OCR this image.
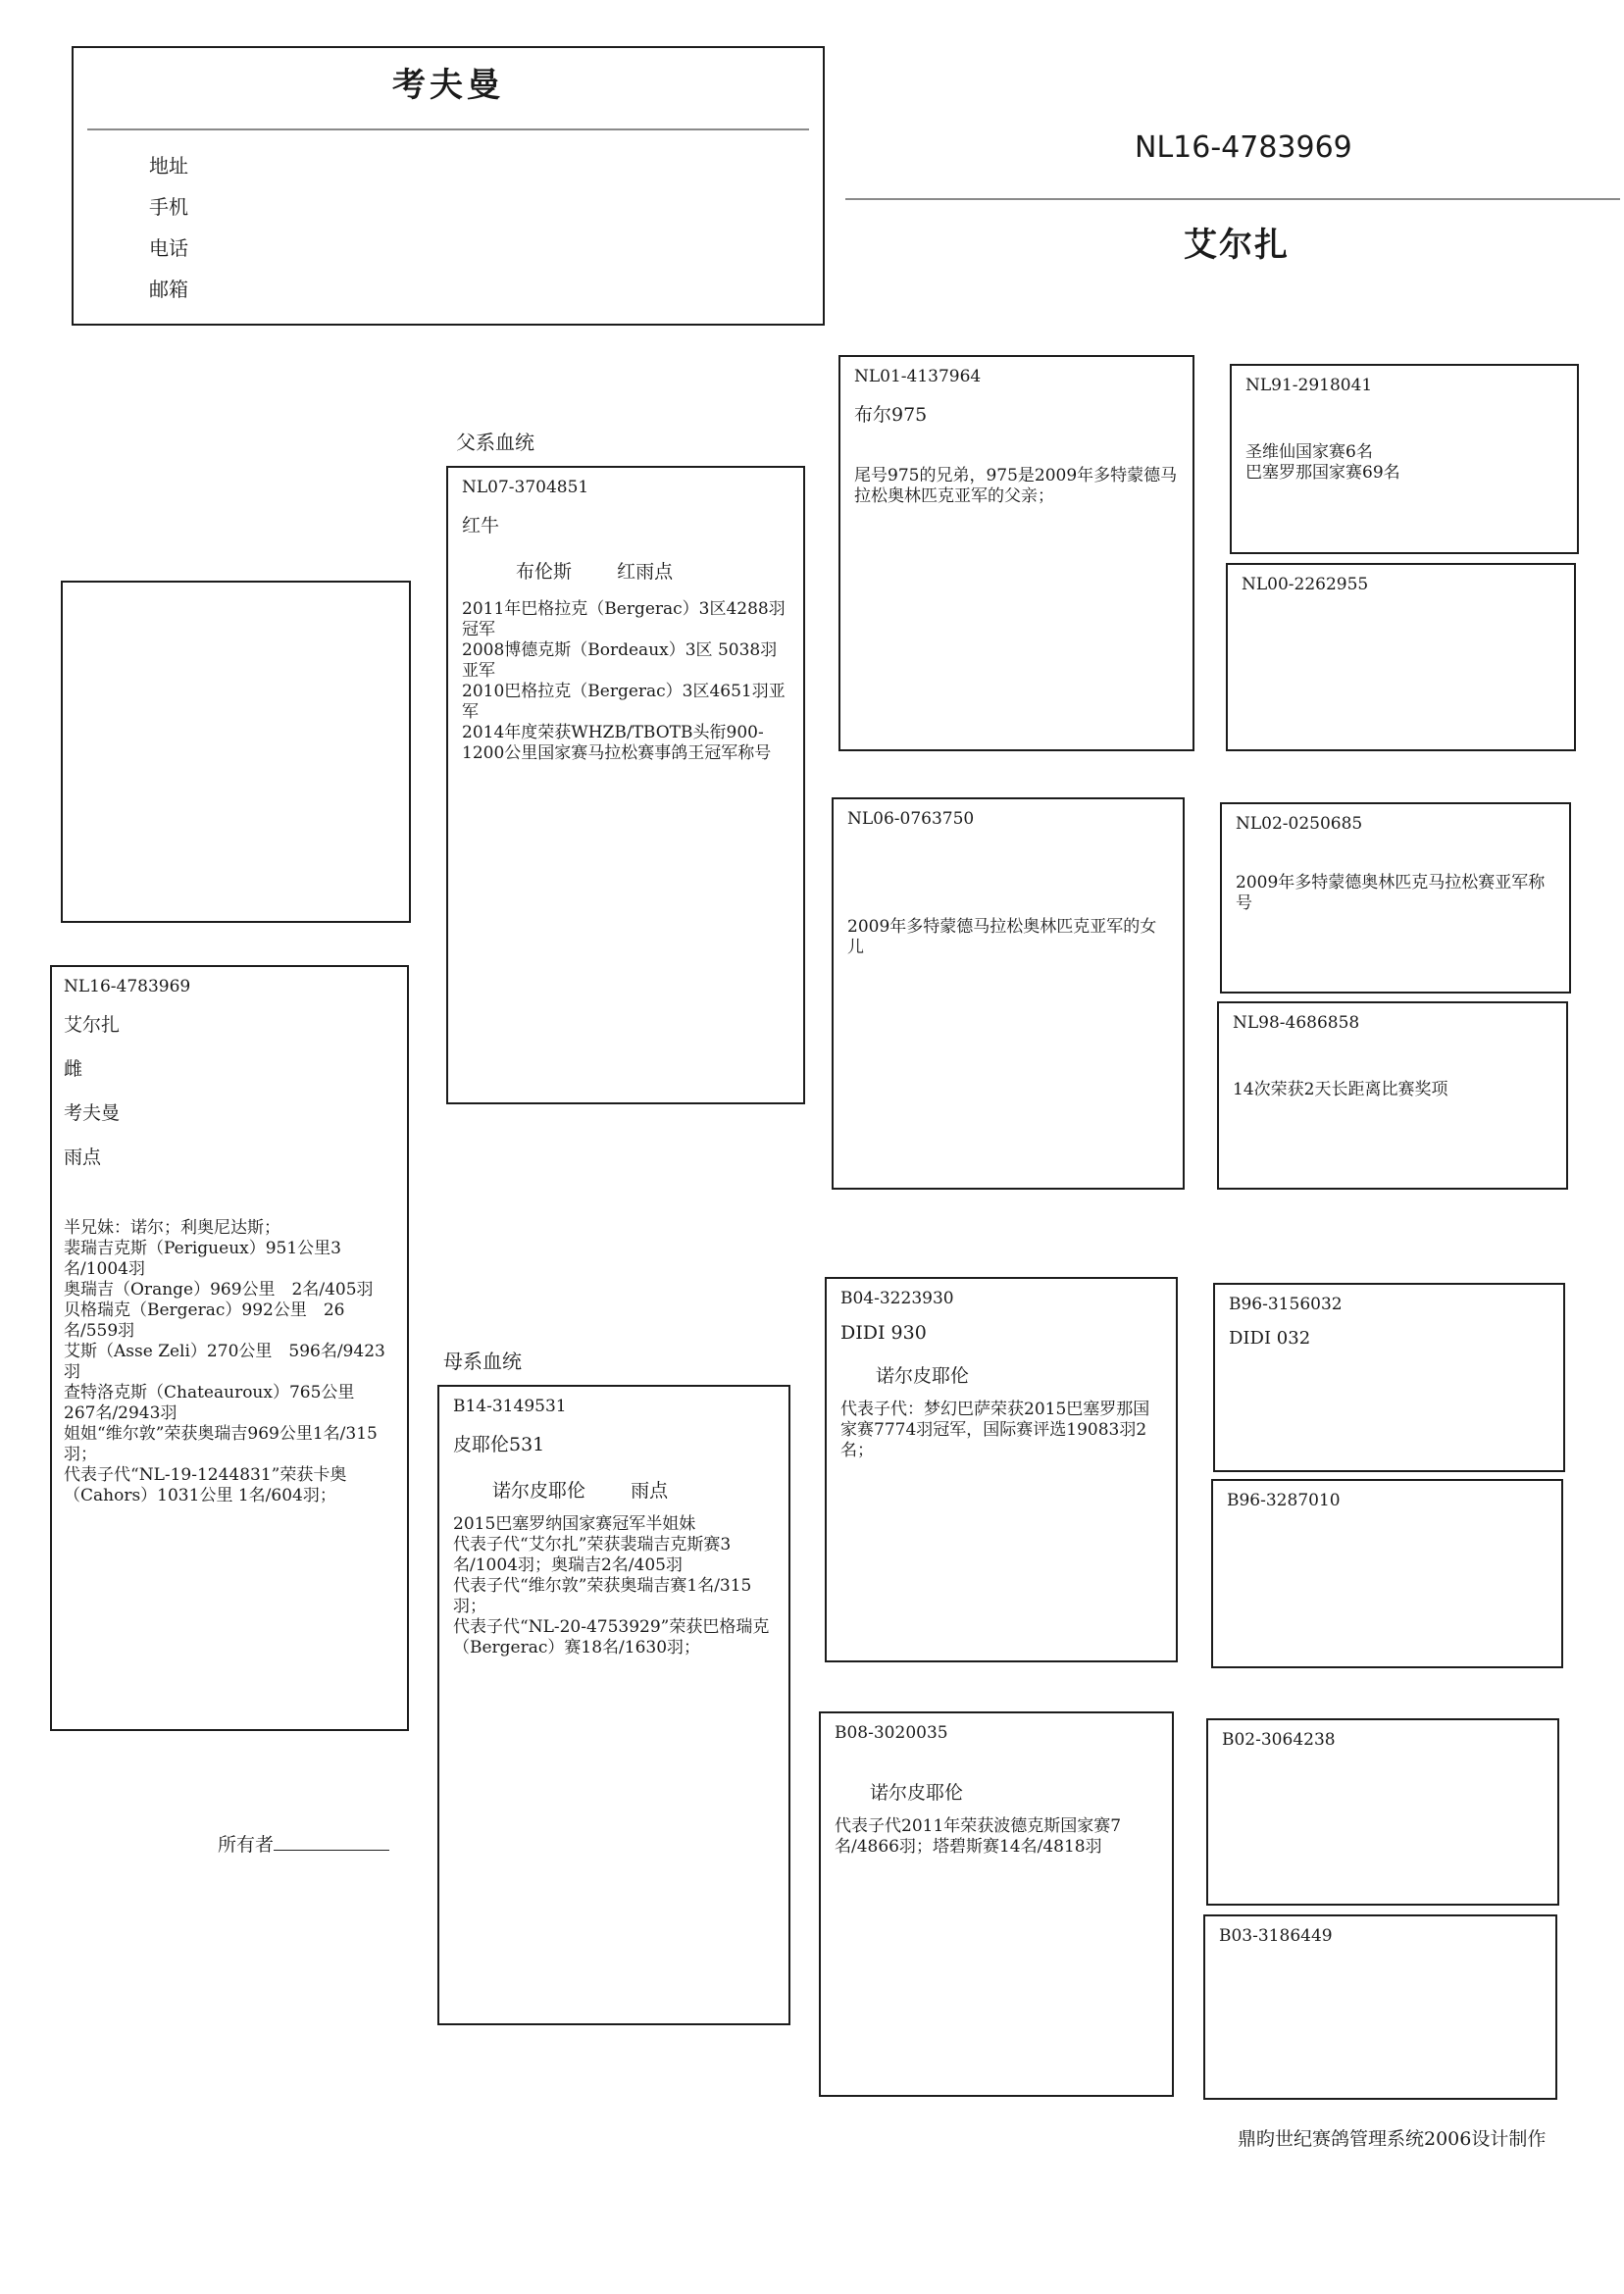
考夫曼
地址
手机
电话
邮箱
NL16-4783969
艾尔扎
NL16-4783969
艾尔扎
雌
考夫曼
雨点
半兄妹：诺尔；利奥尼达斯；
裴瑞吉克斯（Perigueux）951公里3名/1004羽
奥瑞吉（Orange）969公里　2名/405羽
贝格瑞克（Bergerac）992公里　26名/559羽
艾斯（Asse Zeli）270公里　596名/9423羽
查特洛克斯（Chateauroux）765公里　267名/2943羽
姐姐“维尔敦”荣获奥瑞吉969公里1名/315羽；
代表子代“NL-19-1244831”荣获卡奥（Cahors）1031公里 1名/604羽；
所有者
父系血统
NL07-3704851
红牛
布伦斯 红雨点
2011年巴格拉克（Bergerac）3区4288羽冠军
2008博德克斯（Bordeaux）3区 5038羽 亚军
2010巴格拉克（Bergerac）3区4651羽亚军
2014年度荣获WHZB/TBOTB头衔900-1200公里国家赛马拉松赛事鸽王冠军称号
母系血统
B14-3149531
皮耶伦531
诺尔皮耶伦 雨点
2015巴塞罗纳国家赛冠军半姐妹
代表子代“艾尔扎”荣获裴瑞吉克斯赛3名/1004羽；奥瑞吉2名/405羽
代表子代“维尔敦”荣获奥瑞吉赛1名/315羽；
代表子代“NL-20-4753929”荣获巴格瑞克（Bergerac）赛18名/1630羽；
NL01-4137964
布尔975
尾号975的兄弟，975是2009年多特蒙德马拉松奥林匹克亚军的父亲；
NL06-0763750
2009年多特蒙德马拉松奥林匹克亚军的女儿
B04-3223930
DIDI 930
诺尔皮耶伦
代表子代：梦幻巴萨荣获2015巴塞罗那国家赛7774羽冠军，国际赛评选19083羽2名；
B08-3020035
诺尔皮耶伦
代表子代2011年荣获波德克斯国家赛7名/4866羽；塔碧斯赛14名/4818羽
NL91-2918041
圣维仙国家赛6名
巴塞罗那国家赛69名
NL00-2262955
NL02-0250685
2009年多特蒙德奥林匹克马拉松赛亚军称号
NL98-4686858
14次荣获2天长距离比赛奖项
B96-3156032
DIDI 032
B96-3287010
B02-3064238
B03-3186449
鼎昀世纪赛鸽管理系统2006设计制作
